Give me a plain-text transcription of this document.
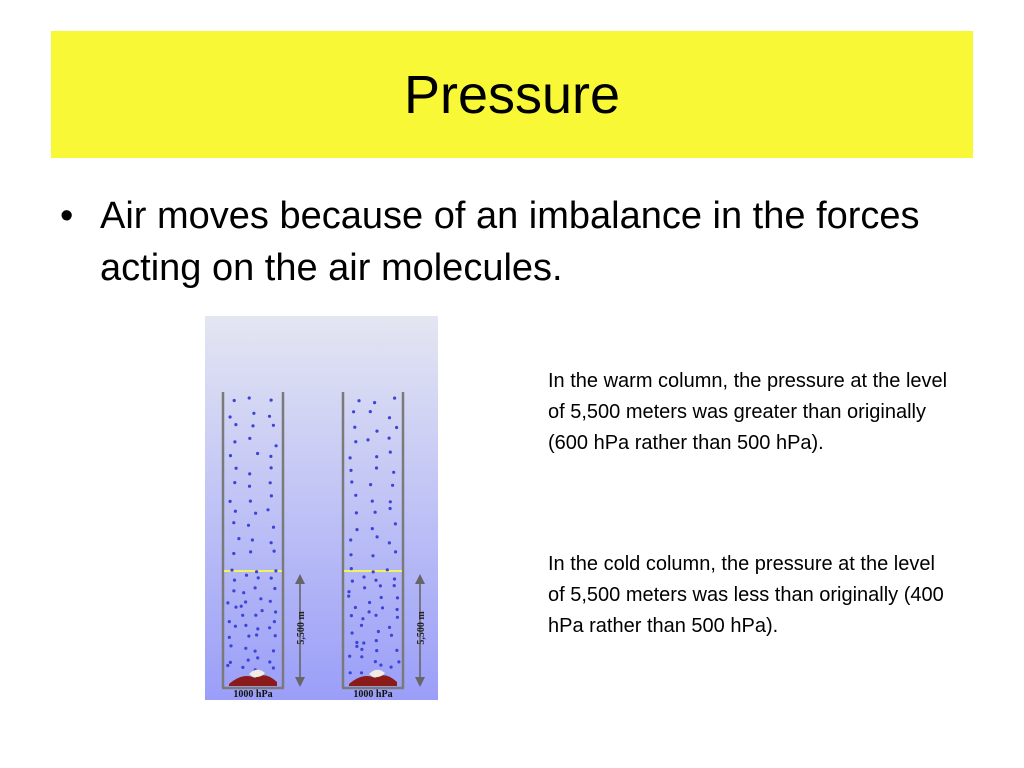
Pressure
• Air moves because of an imbalance in the forces acting on the air molecules.
5,500 m
1000 hPa
5,500 m
1000 hPa

In the warm column, the pressure at the level of 5,500 meters was greater than originally (600 hPa rather than 500 hPa).

In the cold column, the pressure at the level of 5,500 meters was less than originally (400 hPa rather than 500 hPa).
